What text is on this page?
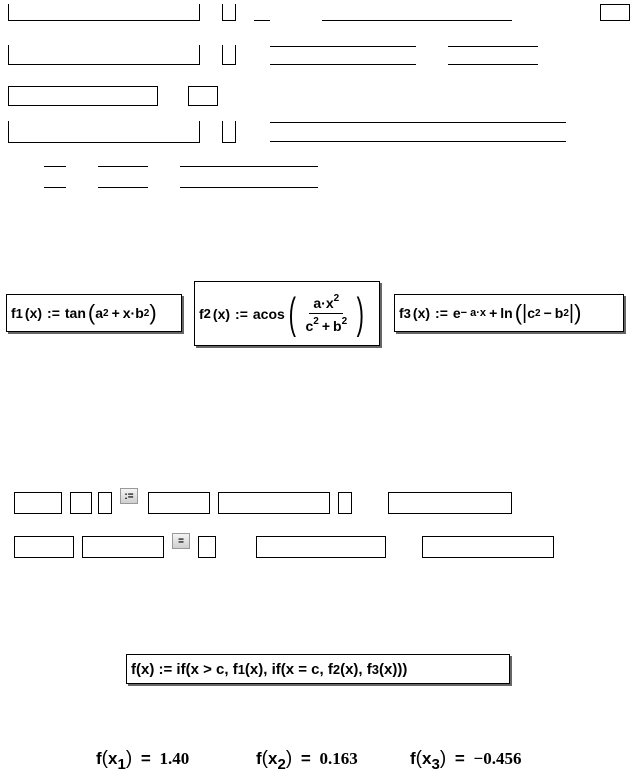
f 1 (x) := tan ( a 2 + x · b 2 )	f 2 (x) := acos ( $\frac{a\cdot x^2}{c^2 + b^2}$ ) f 3 (x) := e − a·x + ln ( | c 2 − b 2 | )
:=
=
f(x) := if(x > c, f 1 (x), if(x = c, f 2 (x), f 3 (x)))
$f(x_1) = 1.40$	$f(x_2) = 0.163$	$f(x_3) = -0.456$
